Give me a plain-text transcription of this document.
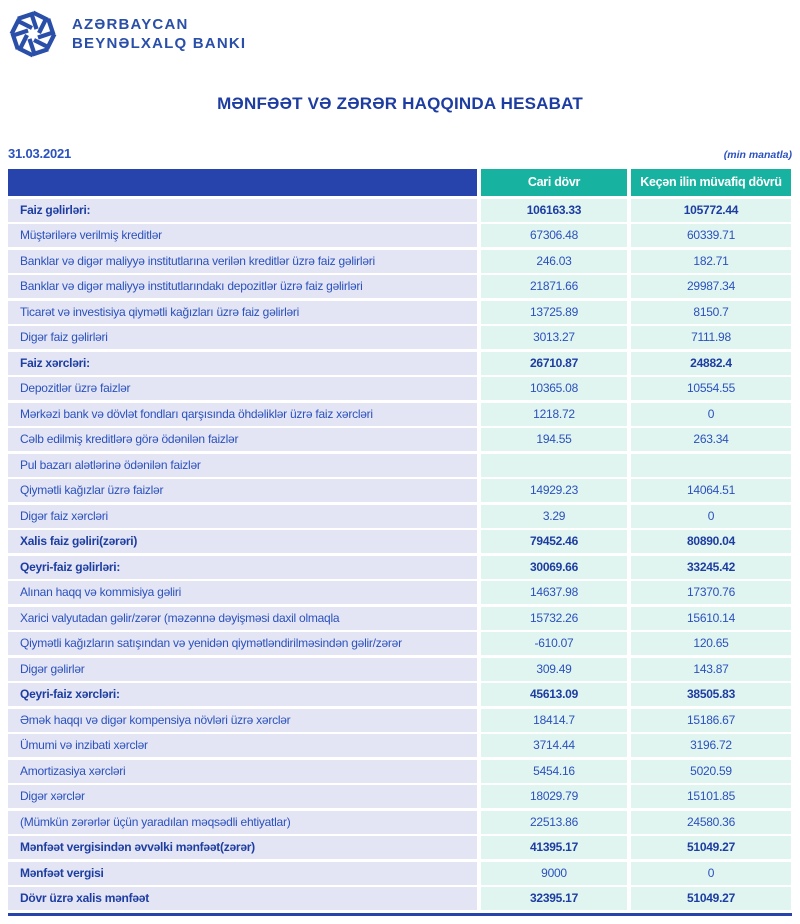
AZƏRBAYCAN
BEYNƏLXALQ BANKI
MƏNFƏƏT VƏ ZƏRƏR HAQQINDA HESABAT
31.03.2021	(min manatla)
Cari dövr	Keçən ilin müvafiq dövrü
Faiz gəlirləri:	106163.33	105772.44
Müştərilərə verilmiş kreditlər	67306.48	60339.71
Banklar və digər maliyyə institutlarına verilən kreditlər üzrə faiz gəlirləri	246.03	182.71
Banklar və digər maliyyə institutlarındakı depozitlər üzrə faiz gəlirləri	21871.66	29987.34
Ticarət və investisiya qiymətli kağızları üzrə faiz gəlirləri	13725.89	8150.7
Digər faiz gəlirləri	3013.27	7111.98
Faiz xərcləri:	26710.87	24882.4
Depozitlər üzrə faizlər	10365.08	10554.55
Mərkəzi bank və dövlət fondları qarşısında öhdəliklər üzrə faiz xərcləri	1218.72	0
Cəlb edilmiş kreditlərə görə ödənilən faizlər	194.55	263.34
Pul bazarı alətlərinə ödənilən faizlər
Qiymətli kağızlar üzrə faizlər	14929.23	14064.51
Digər faiz xərcləri	3.29	0
Xalis faiz gəliri(zərəri)	79452.46	80890.04
Qeyri-faiz gəlirləri:	30069.66	33245.42
Alınan haqq və kommisiya gəliri	14637.98	17370.76
Xarici valyutadan gəlir/zərər (məzənnə dəyişməsi daxil olmaqla	15732.26	15610.14
Qiymətli kağızların satışından və yenidən qiymətləndirilməsindən gəlir/zərər	-610.07	120.65
Digər gəlirlər	309.49	143.87
Qeyri-faiz xərcləri:	45613.09	38505.83
Əmək haqqı və digər kompensiya növləri üzrə xərclər	18414.7	15186.67
Ümumi və inzibati xərclər	3714.44	3196.72
Amortizasiya xərcləri	5454.16	5020.59
Digər xərclər	18029.79	15101.85
(Mümkün zərərlər üçün yaradılan məqsədli ehtiyatlar)	22513.86	24580.36
Mənfəət vergisindən əvvəlki mənfəət(zərər)	41395.17	51049.27
Mənfəət vergisi	9000	0
Dövr üzrə xalis mənfəət	32395.17	51049.27
